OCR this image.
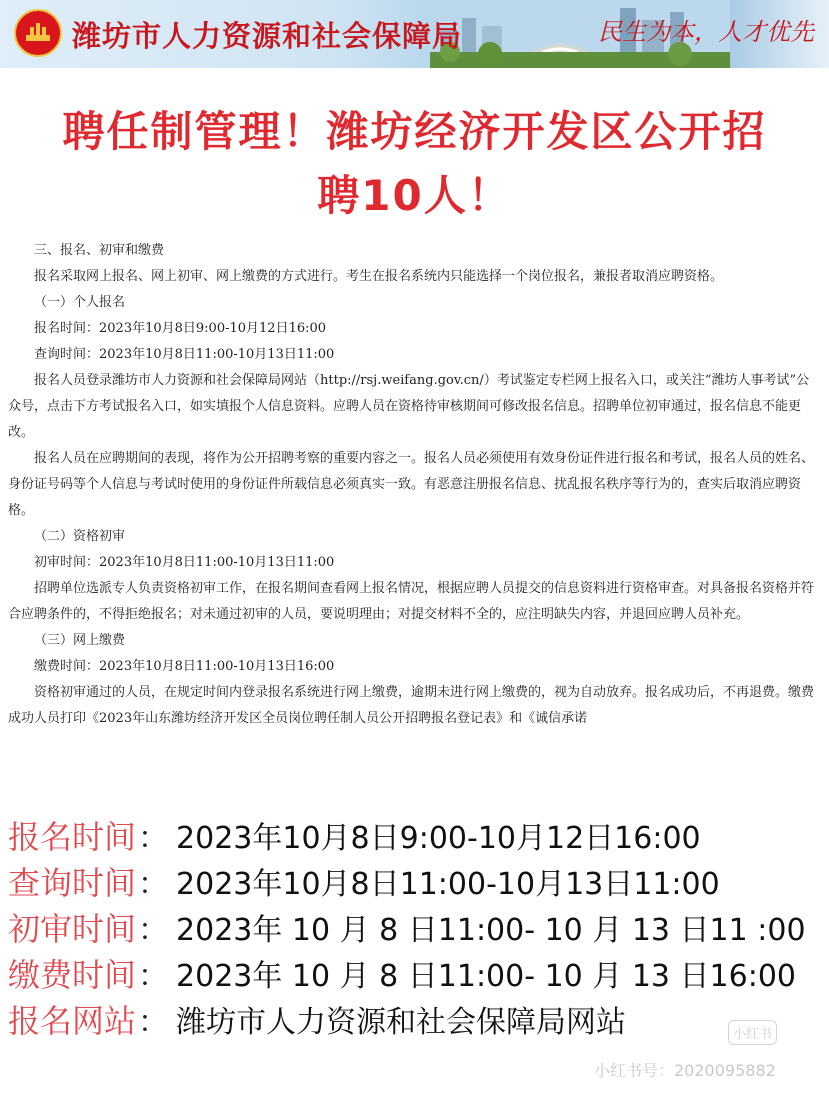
潍坊市人力资源和社会保障局	民生为本，人才优先
聘任制管理！潍坊经济开发区公开招
聘10人！

三、报名、初审和缴费

报名采取网上报名、网上初审、网上缴费的方式进行。考生在报名系统内只能选择一个岗位报名，兼报者取消应聘资格。

（一）个人报名

报名时间：2023年10月8日9:00-10月12日16:00

查询时间：2023年10月8日11:00-10月13日11:00

报名人员登录潍坊市人力资源和社会保障局网站（http://rsj.weifang.gov.cn/）考试鉴定专栏网上报名入口，或关注“潍坊人事考试”公众号，点击下方考试报名入口，如实填报个人信息资料。应聘人员在资格待审核期间可修改报名信息。招聘单位初审通过，报名信息不能更改。

报名人员在应聘期间的表现，将作为公开招聘考察的重要内容之一。报名人员必须使用有效身份证件进行报名和考试，报名人员的姓名、身份证号码等个人信息与考试时使用的身份证件所载信息必须真实一致。有恶意注册报名信息、扰乱报名秩序等行为的，查实后取消应聘资格。

（二）资格初审

初审时间：2023年10月8日11:00-10月13日11:00

招聘单位选派专人负责资格初审工作，在报名期间查看网上报名情况，根据应聘人员提交的信息资料进行资格审查。对具备报名资格并符合应聘条件的，不得拒绝报名；对未通过初审的人员，要说明理由；对提交材料不全的，应注明缺失内容，并退回应聘人员补充。

（三）网上缴费

缴费时间：2023年10月8日11:00-10月13日16:00

资格初审通过的人员，在规定时间内登录报名系统进行网上缴费，逾期未进行网上缴费的，视为自动放弃。报名成功后，不再退费。缴费成功人员打印《2023年山东潍坊经济开发区全员岗位聘任制人员公开招聘报名登记表》和《诚信承诺

报名时间 ： 2023年10月8日9:00-10月12日16:00
查询时间 ： 2023年10月8日11:00-10月13日11:00
初审时间 ： 2023年 10 月 8 日11:00- 10 月 13 日11 :00
缴费时间 ： 2023年 10 月 8 日11:00- 10 月 13 日16:00
报名网站 ： 潍坊市人力资源和社会保障局网站	小红书
小红书号：2020095882
